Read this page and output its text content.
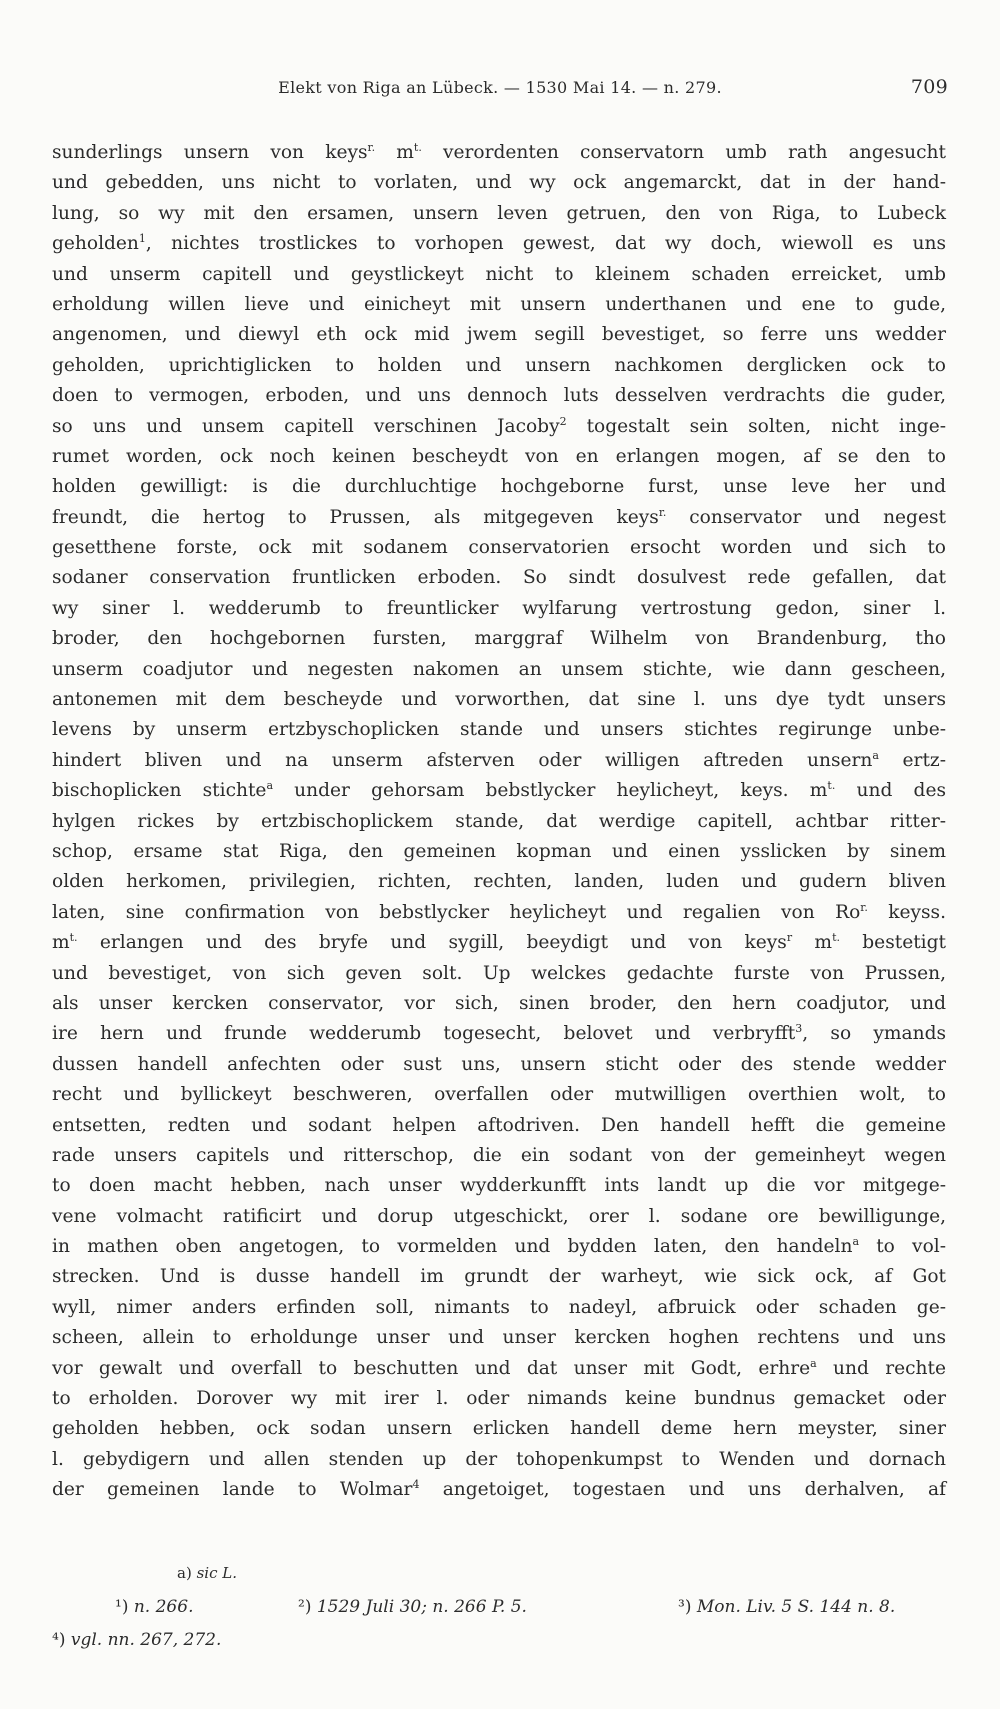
Elekt von Riga an Lübeck. — 1530 Mai 14. — n. 279.	709
sunderlings unsern von keys$^{r.}$ $m^{t.}$ verordenten conservatorn umb rath angesucht
und gebedden, uns nicht to vorlaten, und wy ock angemarckt, dat in der hand-
lung, so wy mit den ersamen, unsern leven getruen, den von Riga, to Lubeck
geholden$^1$, nichtes trostlickes to vorhopen gewest, dat wy doch, wiewoll es uns
und unserm capitell und geystlickeyt nicht to kleinem schaden erreicket, umb
erholdung willen lieve und einicheyt mit unsern underthanen und ene to gude,
angenomen, und diewyl eth ock mid jwem segill bevestiget, so ferre uns wedder
geholden, uprichtiglicken to holden und unsern nachkomen derglicken ock to
doen to vermogen, erboden, und uns dennoch luts desselven verdrachts die guder,
so uns und unsem capitell verschinen Jacoby$^2$ togestalt sein solten, nicht inge-
rumet worden, ock noch keinen bescheydt von en erlangen mogen, af se den to
holden gewilligt: is die durchluchtige hochgeborne furst, unse leve her und
freundt, die hertog to Prussen, als mitgegeven keys$^{r.}$ conservator und negest
gesetthene forste, ock mit sodanem conservatorien ersocht worden und sich to
sodaner conservation fruntlicken erboden. So sindt dosulvest rede gefallen, dat
wy siner l. wedderumb to freuntlicker wylfarung vertrostung gedon, siner l.
broder, den hochgebornen fursten, marggraf Wilhelm von Brandenburg, tho
unserm coadjutor und negesten nakomen an unsem stichte, wie dann gescheen,
antonemen mit dem bescheyde und vorworthen, dat sine l. uns dye tydt unsers
levens by unserm ertzbyschoplicken stande und unsers stichtes regirunge unbe-
hindert bliven und na unserm afsterven oder willigen aftreden unsern$^a$ ertz-
bischoplicken stichte$^a$ under gehorsam bebstlycker heylicheyt, keys. $m^{t.}$ und des
hylgen rickes by ertzbischoplickem stande, dat werdige capitell, achtbar ritter-
schop, ersame stat Riga, den gemeinen kopman und einen ysslicken by sinem
olden herkomen, privilegien, richten, rechten, landen, luden und gudern bliven
laten, sine confirmation von bebstlycker heylicheyt und regalien von $Ro^{r.}$ keyss.
$m^{t.}$ erlangen und des bryfe und sygill, beeydigt und von keys$^r$ $m^{t.}$ bestetigt
und bevestiget, von sich geven solt. Up welckes gedachte furste von Prussen,
als unser kercken conservator, vor sich, sinen broder, den hern coadjutor, und
ire hern und frunde wedderumb togesecht, belovet und verbryfft$^3$, so ymands
dussen handell anfechten oder sust uns, unsern sticht oder des stende wedder
recht und byllickeyt beschweren, overfallen oder mutwilligen overthien wolt, to
entsetten, redten und sodant helpen aftodriven. Den handell hefft die gemeine
rade unsers capitels und ritterschop, die ein sodant von der gemeinheyt wegen
to doen macht hebben, nach unser wydderkunfft ints landt up die vor mitgege-
vene volmacht ratificirt und dorup utgeschickt, orer l. sodane ore bewilligunge,
in mathen oben angetogen, to vormelden und bydden laten, den handeln$^a$ to vol-
strecken. Und is dusse handell im grundt der warheyt, wie sick ock, af Got
wyll, nimer anders erfinden soll, nimants to nadeyl, afbruick oder schaden ge-
scheen, allein to erholdunge unser und unser kercken hoghen rechtens und uns
vor gewalt und overfall to beschutten und dat unser mit Godt, erhre$^a$ und rechte
to erholden. Dorover wy mit irer l. oder nimands keine bundnus gemacket oder
geholden hebben, ock sodan unsern erlicken handell deme hern meyster, siner
l. gebydigern und allen stenden up der tohopenkumpst to Wenden und dornach
der gemeinen lande to Wolmar$^4$ angetoiget, togestaen und uns derhalven, af
a) sic L.
¹) n. 266.	²) 1529 Juli 30; n. 266 P. 5.	³) Mon. Liv. 5 S. 144 n. 8.
⁴) vgl. nn. 267, 272.
